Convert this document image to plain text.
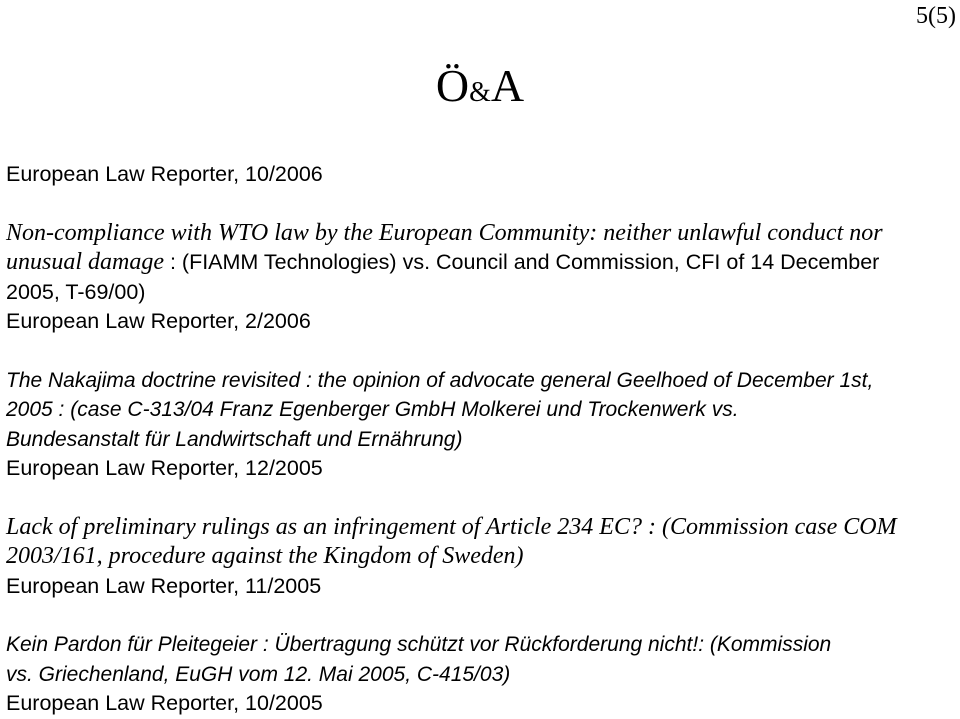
5(5)
Ö&A
European Law Reporter, 10/2006
Non-compliance with WTO law by the European Community: neither unlawful conduct nor
unusual damage : (FIAMM Technologies) vs. Council and Commission, CFI of 14 December
2005, T-69/00)
European Law Reporter, 2/2006
The Nakajima doctrine revisited : the opinion of advocate general Geelhoed of December 1st,
2005 : (case C-313/04 Franz Egenberger GmbH Molkerei und Trockenwerk vs.
Bundesanstalt für Landwirtschaft und Ernährung)
European Law Reporter, 12/2005
Lack of preliminary rulings as an infringement of Article 234 EC? : (Commission case COM
2003/161, procedure against the Kingdom of Sweden)
European Law Reporter, 11/2005
Kein Pardon für Pleitegeier : Übertragung schützt vor Rückforderung nicht!: (Kommission
vs. Griechenland, EuGH vom 12. Mai 2005, C-415/03)
European Law Reporter, 10/2005
